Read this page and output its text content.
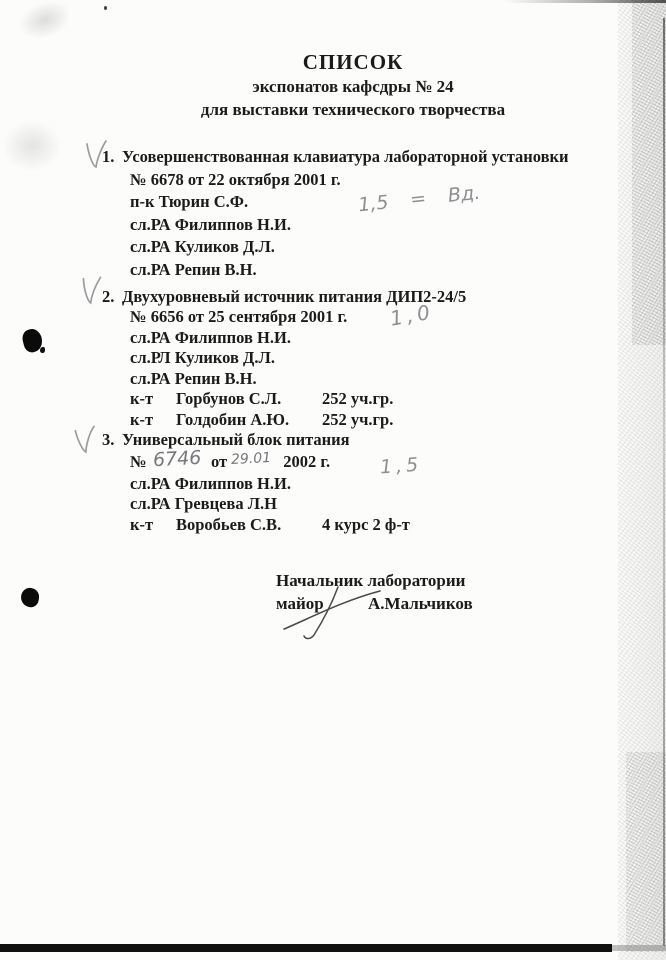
СПИСОК
экспонатов кафсдры № 24
для выставки технического творчества
1. Усовершенствованная клавиатура лабораторной установки
№ 6678 от 22 октября 2001 г.
п-к Тюрин С.Ф.
сл.РА Филиппов Н.И.
сл.РА Куликов Д.Л.
сл.РА Репин В.Н.
2. Двухуровневый источник питания ДИП2-24/5
№ 6656 от 25 сентября 2001 г.
сл.РА Филиппов Н.И.
сл.РЛ Куликов Д.Л.
сл.РА Репин В.Н.
к-т	Горбунов С.Л.	252 уч.гр.
к-т	Голдобин А.Ю.	252 уч.гр.
3. Универсальный блок питания
№ 6746 от 29.01 2002 г.
сл.РА Филиппов Н.И.
сл.РА Гревцева Л.Н
к-т	Воробьев С.В.	4 курс 2 ф-т
1,5 = Вд.
1,0
1,5
Начальник лаборатории
майор	А.Мальчиков
